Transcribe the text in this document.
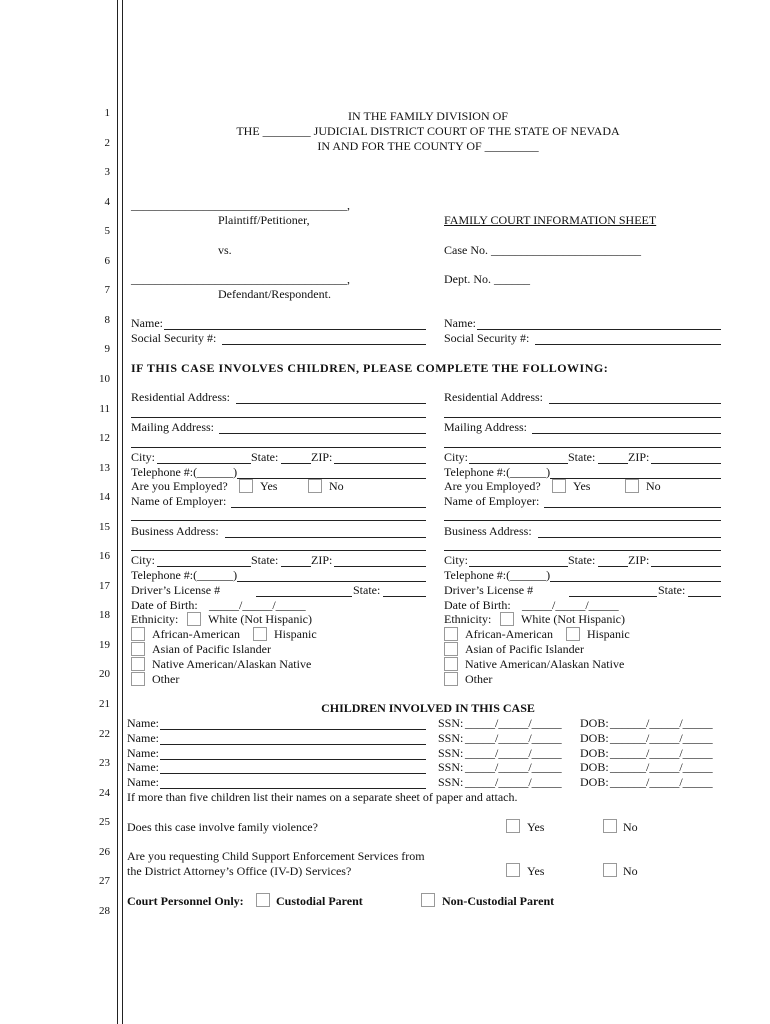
1
2
3
4
5
6
7
8
9
10
11
12
13
14
15
16
17
18
19
20
21
22
23
24
25
26
27
28
IN THE FAMILY DIVISION OF
THE ________ JUDICIAL DISTRICT COURT OF THE STATE OF NEVADA
IN AND FOR THE COUNTY OF _________
____________________________________,
Plaintiff/Petitioner,
vs.
____________________________________,
Defendant/Respondent.
FAMILY COURT INFORMATION SHEET
Case No. _________________________
Dept. No. ______
Name:
Social Security #:
Name:
Social Security #:
IF THIS CASE INVOLVES CHILDREN, PLEASE COMPLETE THE FOLLOWING:
Residential Address:
Mailing Address:
City:	State:	ZIP:
Telephone #:(______)
Are you Employed?	Yes	No
Name of Employer:
Business Address:
City:	State:	ZIP:
Telephone #:(______)
Driver’s License #	State:
Date of Birth: _____/_____/_____
Ethnicity: White (Not Hispanic)
African-American	Hispanic
Asian of Pacific Islander
Native American/Alaskan Native
Other
Residential Address:
Mailing Address:
City:	State:	ZIP:
Telephone #:(______)
Are you Employed?	Yes	No
Name of Employer:
Business Address:
City:	State:	ZIP:
Telephone #:(______)
Driver’s License #	State:
Date of Birth: _____/_____/_____
Ethnicity: White (Not Hispanic)
African-American	Hispanic
Asian of Pacific Islander
Native American/Alaskan Native
Other
CHILDREN INVOLVED IN THIS CASE
Name:	SSN: _____/_____/_____ DOB: ______/_____/_____
Name:	SSN: _____/_____/_____ DOB: ______/_____/_____
Name:	SSN: _____/_____/_____ DOB: ______/_____/_____
Name:	SSN: _____/_____/_____ DOB: ______/_____/_____
Name:	SSN: _____/_____/_____ DOB: ______/_____/_____
If more than five children list their names on a separate sheet of paper and attach.
Does this case involve family violence?	Yes	No
Are you requesting Child Support Enforcement Services from
the District Attorney’s Office (IV-D) Services?	Yes	No
Court Personnel Only:	Custodial Parent	Non-Custodial Parent
